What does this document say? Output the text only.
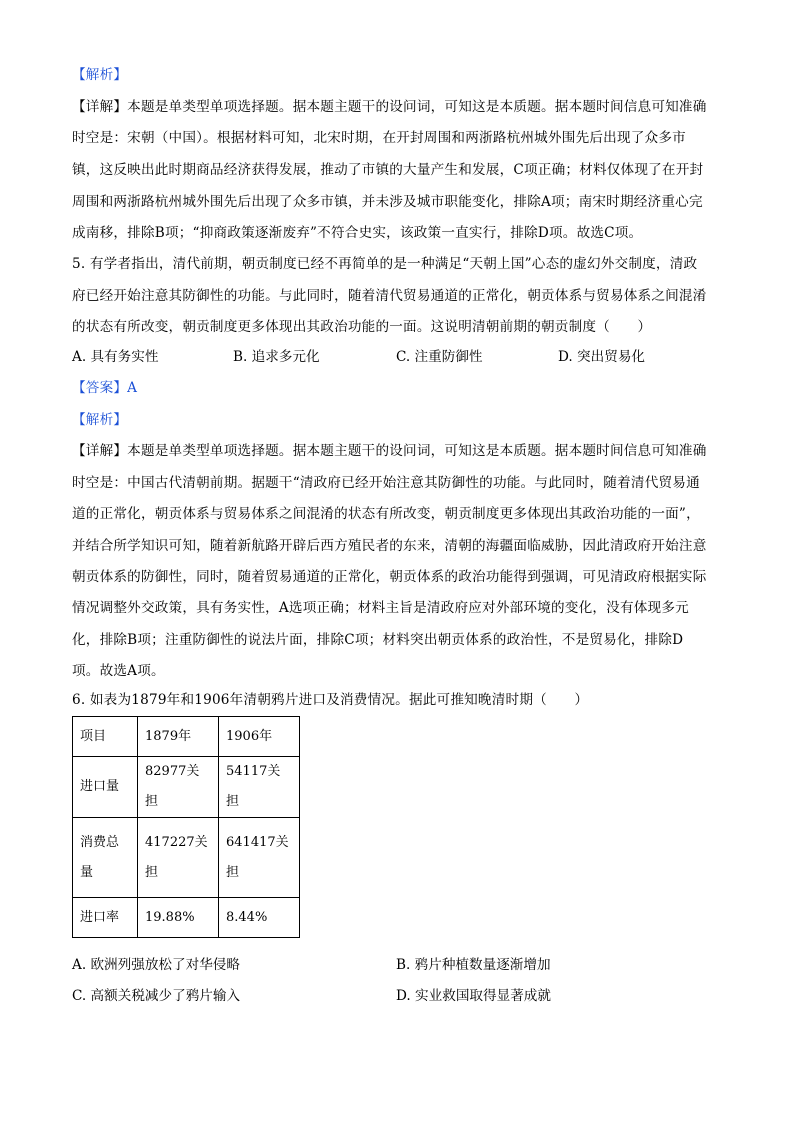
【解析】
【详解】本题是单类型单项选择题。据本题主题干的设问词，可知这是本质题。据本题时间信息可知准确
时空是：宋朝（中国）。根据材料可知，北宋时期，在开封周围和两浙路杭州城外围先后出现了众多市
镇，这反映出此时期商品经济获得发展，推动了市镇的大量产生和发展，C项正确；材料仅体现了在开封
周围和两浙路杭州城外围先后出现了众多市镇，并未涉及城市职能变化，排除A项；南宋时期经济重心完
成南移，排除B项；“抑商政策逐渐废弃”不符合史实，该政策一直实行，排除D项。故选C项。
5. 有学者指出，清代前期，朝贡制度已经不再简单的是一种满足“天朝上国”心态的虚幻外交制度，清政
府已经开始注意其防御性的功能。与此同时，随着清代贸易通道的正常化，朝贡体系与贸易体系之间混淆
的状态有所改变，朝贡制度更多体现出其政治功能的一面。这说明清朝前期的朝贡制度（　　）
A. 具有务实性	B. 追求多元化	C. 注重防御性	D. 突出贸易化
【答案】A
【解析】
【详解】本题是单类型单项选择题。据本题主题干的设问词，可知这是本质题。据本题时间信息可知准确
时空是：中国古代清朝前期。据题干“清政府已经开始注意其防御性的功能。与此同时，随着清代贸易通
道的正常化，朝贡体系与贸易体系之间混淆的状态有所改变，朝贡制度更多体现出其政治功能的一面”，
并结合所学知识可知，随着新航路开辟后西方殖民者的东来，清朝的海疆面临威胁，因此清政府开始注意
朝贡体系的防御性，同时，随着贸易通道的正常化，朝贡体系的政治功能得到强调，可见清政府根据实际
情况调整外交政策，具有务实性，A选项正确；材料主旨是清政府应对外部环境的变化，没有体现多元
化，排除B项；注重防御性的说法片面，排除C项；材料突出朝贡体系的政治性，不是贸易化，排除D
项。故选A项。
6. 如表为1879年和1906年清朝鸦片进口及消费情况。据此可推知晚清时期（　　）
项目	1879年	1906年
进口量	82977关担	54117关担
消费总量	417227关担	641417关担
进口率	19.88%	8.44%
A. 欧洲列强放松了对华侵略	B. 鸦片种植数量逐渐增加
C. 高额关税减少了鸦片输入	D. 实业救国取得显著成就
